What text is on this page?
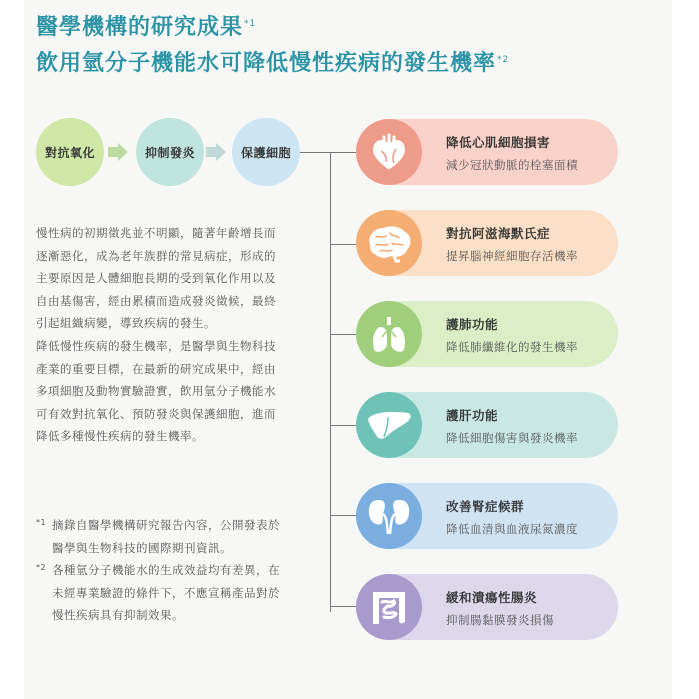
醫學機構的研究成果$^{*1}$
飲用氫分子機能水可降低慢性疾病的發生機率$^{*2}$
對抗氧化	抑制發炎	保護細胞

慢性病的初期徵兆並不明顯，隨著年齡增長而

逐漸惡化，成為老年族群的常見病症，形成的

主要原因是人體細胞長期的受到氧化作用以及

自由基傷害，經由累積而造成發炎徵候，最終

引起組織病變，導致疾病的發生。

降低慢性疾病的發生機率，是醫學與生物科技

產業的重要目標，在最新的研究成果中，經由

多項細胞及動物實驗證實，飲用氫分子機能水

可有效對抗氧化、預防發炎與保護細胞，進而

降低多種慢性疾病的發生機率。

*1 摘錄自醫學機構研究報告內容，公開發表於
醫學與生物科技的國際期刊資訊。
*2 各種氫分子機能水的生成效益均有差異，在
未經專業驗證的條件下，不應宣稱產品對於
慢性疾病具有抑制效果。
降低心肌細胞損害
減少冠狀動脈的栓塞面積
對抗阿滋海默氏症
提昇腦神經細胞存活機率
護肺功能
降低肺纖維化的發生機率
護肝功能
降低細胞傷害與發炎機率
改善腎症候群
降低血清與血液尿氮濃度
緩和潰瘍性腸炎
抑制腸黏膜發炎損傷
